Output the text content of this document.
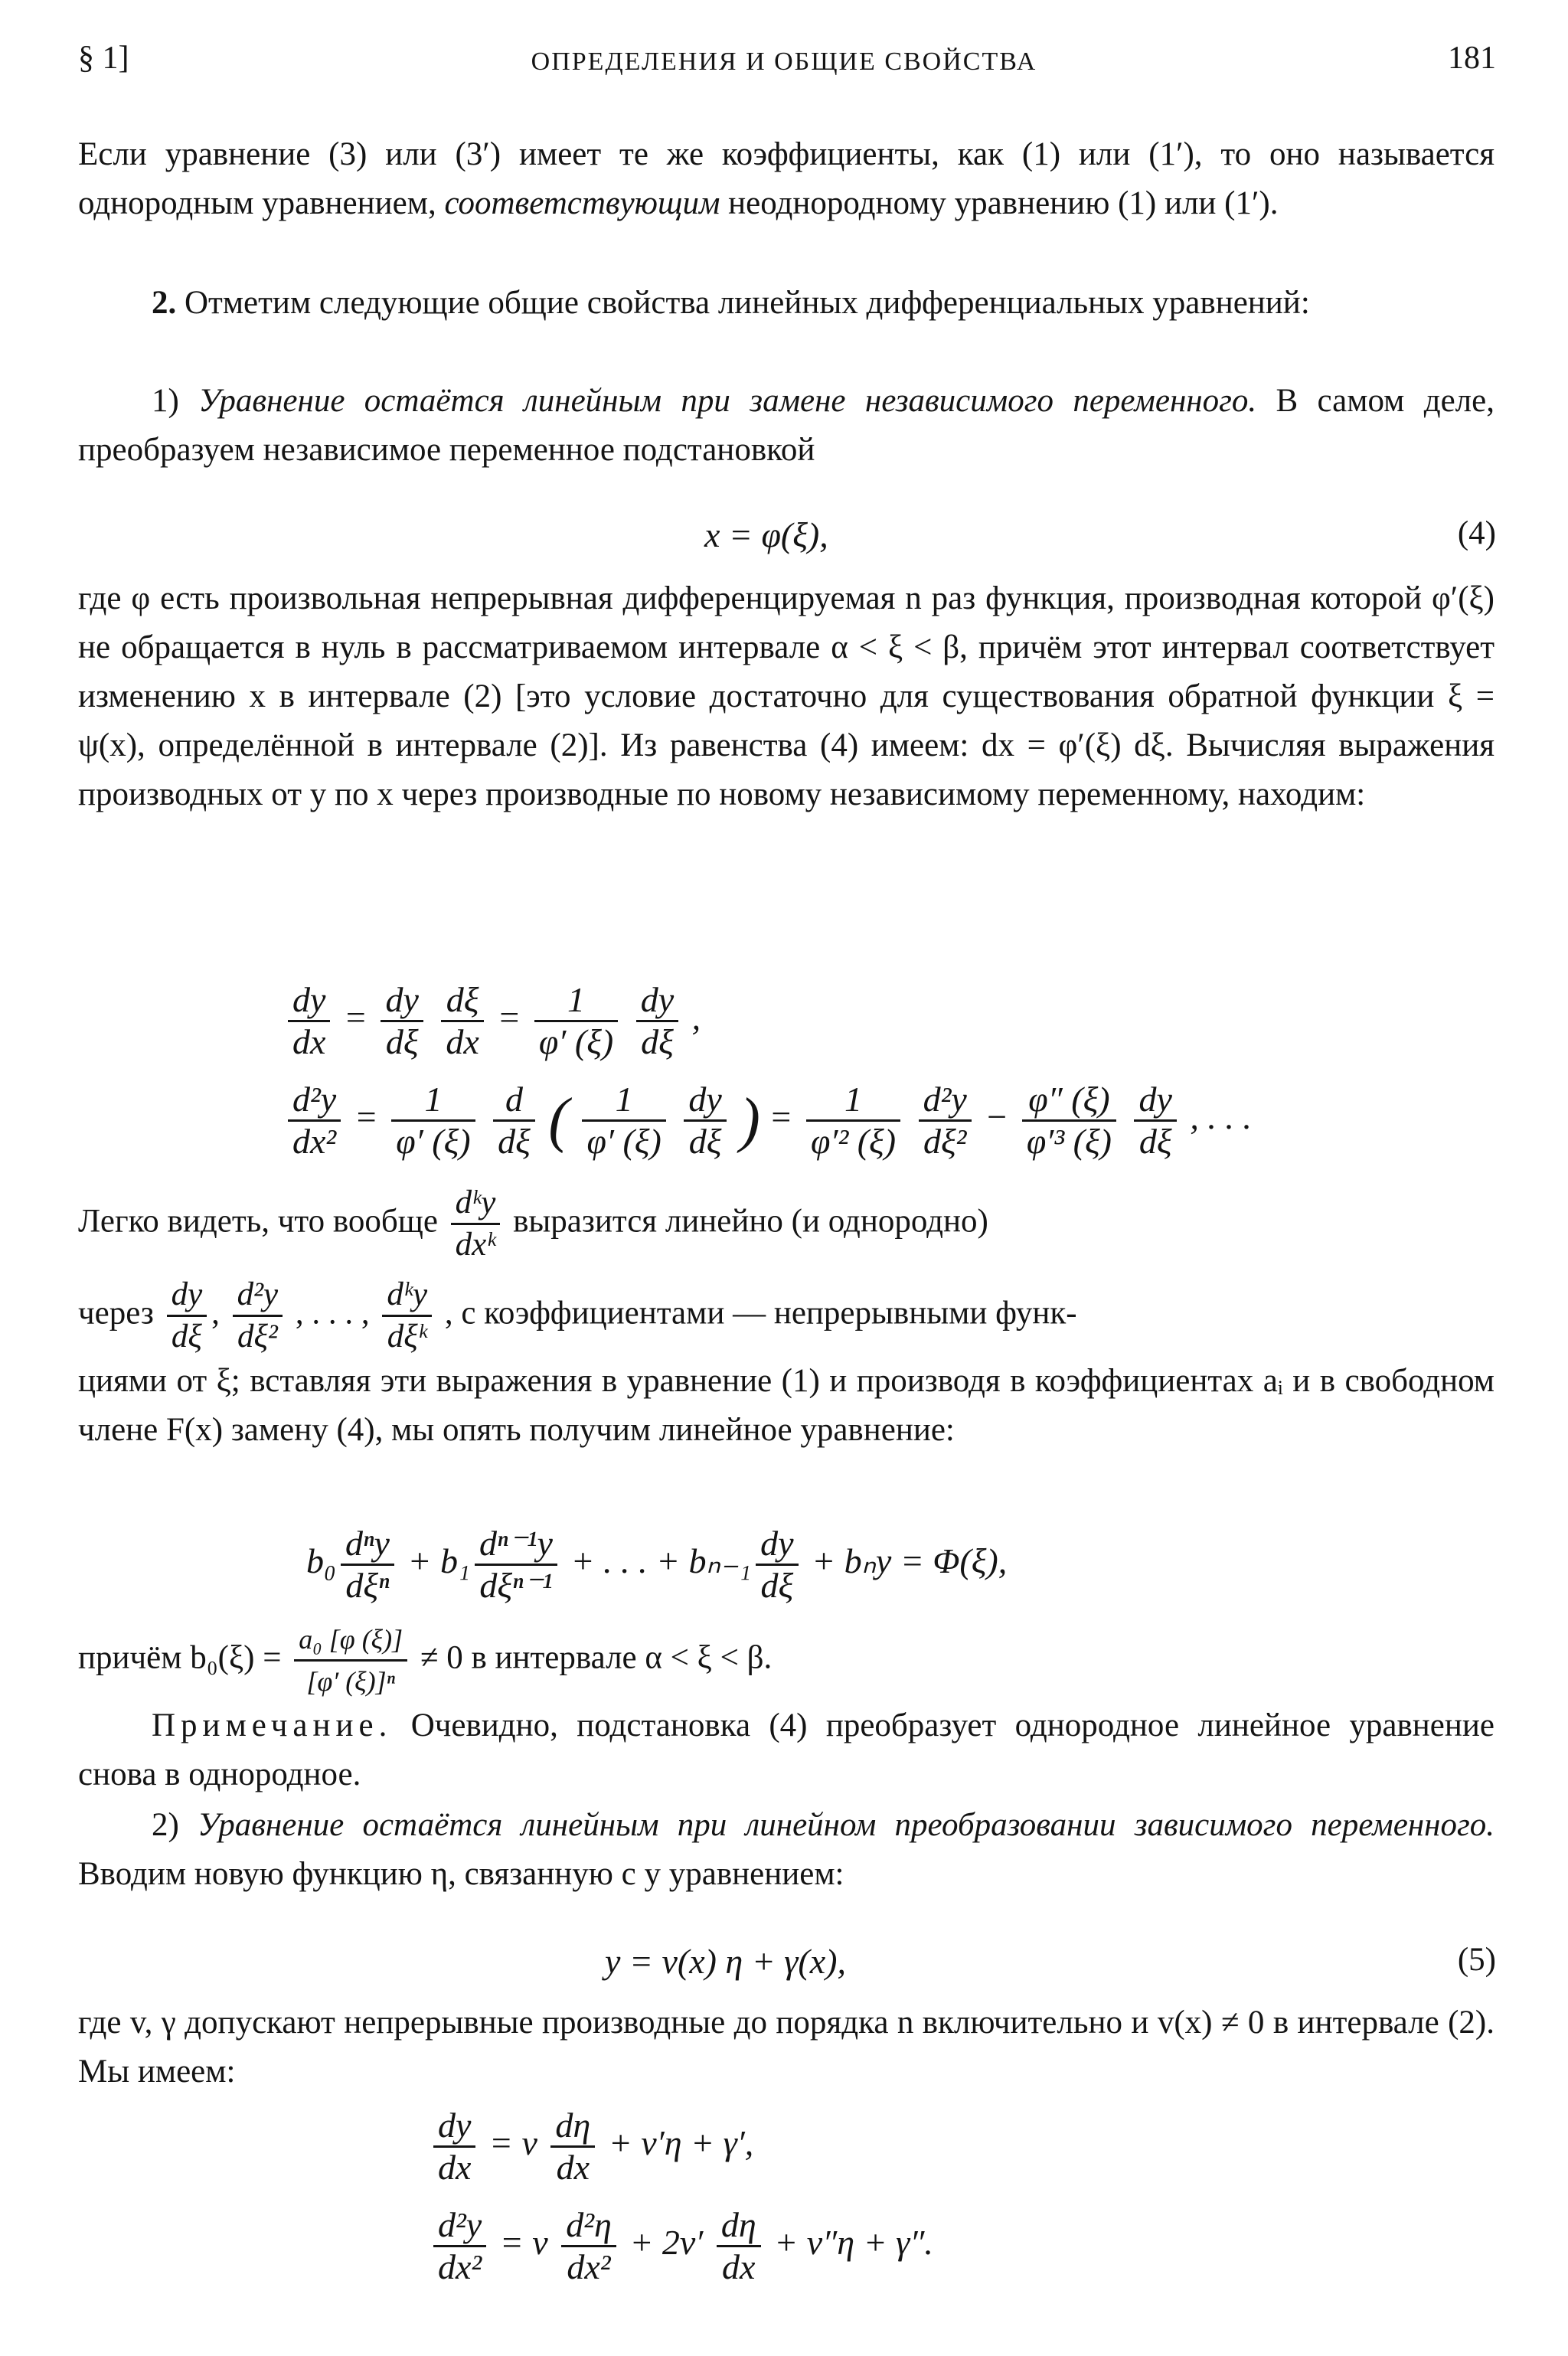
§ 1]	ОПРЕДЕЛЕНИЯ И ОБЩИЕ СВОЙСТВА	181
Если уравнение (3) или (3′) имеет те же коэффициенты, как (1) или (1′), то оно называется однородным уравнением, соответствующим неоднородному уравнению (1) или (1′).
2. Отметим следующие общие свойства линейных дифференциальных уравнений:
1) Уравнение остаётся линейным при замене независимого переменного. В самом деле, преобразуем независимое переменное подстановкой
x = φ(ξ),	(4)
где φ есть произвольная непрерывная дифференцируемая n раз функция, производная которой φ′(ξ) не обращается в нуль в рассматриваемом интервале α < ξ < β, причём этот интервал соответствует изменению x в интервале (2) [это условие достаточно для существования обратной функции ξ = ψ(x), определённой в интервале (2)]. Из равенства (4) имеем: dx = φ′(ξ) dξ. Вычисляя выражения производных от y по x через производные по новому независимому переменному, находим:
$\frac{dy}{dx} = \frac{dy}{d\xi}$
$\frac{d\xi}{dx} = \frac{1}{\varphi' (\xi)}$
$\frac{dy}{d\xi}$ ,
$\frac{\text{d²y}}{\text{dx²}} = \frac{1}{\varphi' (\xi)}$
$\frac{d}{d\xi}$ ( $\frac{1}{\varphi' (\xi)}$
$\frac{dy}{d\xi}$ ) = $\frac{1}{\text{φ′² (ξ)}}$
$\frac{\text{d²y}}{\text{dξ²}} - \frac{\varphi'' (\xi)}{\text{φ′³ (ξ)}}$
$\frac{dy}{d\xi}$ , . . .
Легко видеть, что вообще $\frac{\text{dᵏy}}{\text{dxᵏ}}$ выразится линейно (и однородно)
через $\frac{dy}{d\xi}$ , $\frac{\text{d²y}}{\text{dξ²}}$ , . . . , $\frac{\text{dᵏy}}{\text{dξᵏ}}$ , с коэффициентами — непрерывными функ-
циями от ξ; вставляя эти выражения в уравнение (1) и производя в коэффициентах aᵢ и в свободном члене F(x) замену (4), мы опять получим линейное уравнение:
$b_0 \frac{\text{dⁿy}}{\text{dξⁿ}} + b_1 \frac{\text{dⁿ⁻¹y}}{\text{dξⁿ⁻¹}}$ + . . . + $b_{n-1} \frac{dy}{d\xi} + b_ny = \Phi(\xi)$,
причём $b_0(\xi) = \frac{\text{a₀ [φ (ξ)]}}{\text{[φ′ (ξ)]ⁿ}} \ne 0$ в интервале α < ξ < β.
Примечание. Очевидно, подстановка (4) преобразует однородное линейное уравнение снова в однородное.
2) Уравнение остаётся линейным при линейном преобразовании зависимого переменного. Вводим новую функцию η, связанную с y уравнением:
y = v(x) η + γ(x),	(5)
где v, γ допускают непрерывные производные до порядка n включительно и v(x) ≠ 0 в интервале (2). Мы имеем:
$\frac{dy}{dx} = v \frac{d\eta}{dx} + v'\eta + \gamma'$,
$\frac{\text{d²y}}{\text{dx²}} = v \frac{\text{d²η}}{\text{dx²}} + 2v' \frac{d\eta}{dx} + v''\eta + \gamma''$.
